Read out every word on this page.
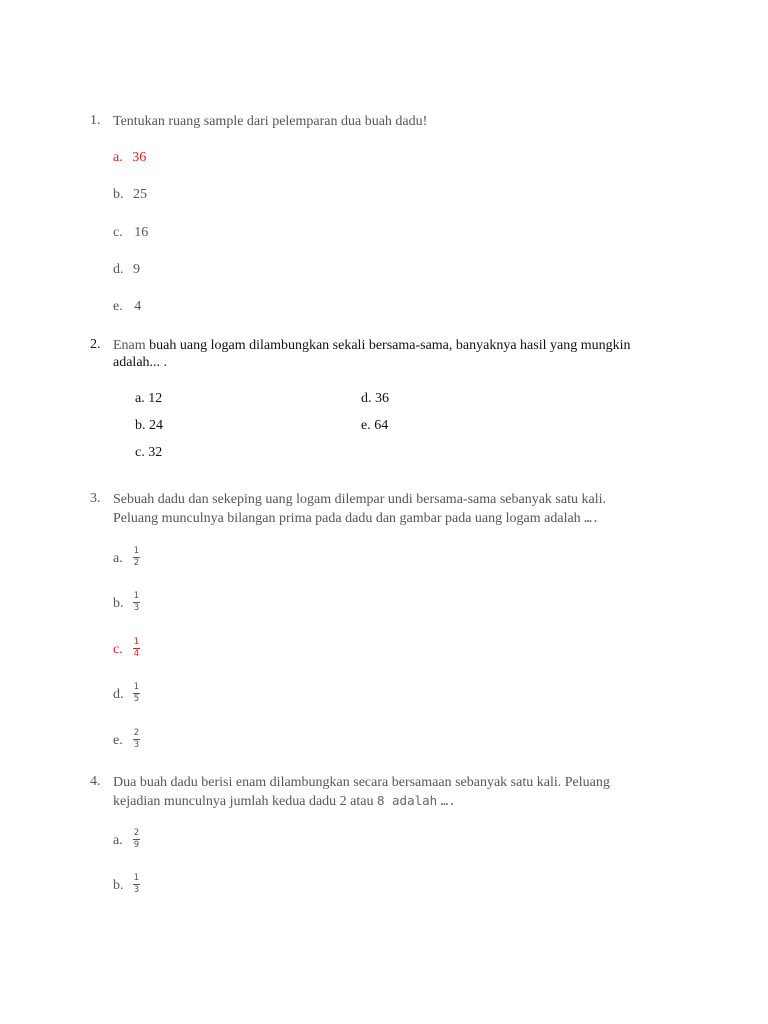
1. Tentukan ruang sample dari pelemparan dua buah dadu!
a. 36
b. 25
c. 16
d. 9
e. 4
2. Enam buah uang logam dilambungkan sekali bersama-sama, banyaknya hasil yang mungkin
adalah... .
a. 12
b. 24
c. 32
d. 36
e. 64
3. Sebuah dadu dan sekeping uang logam dilempar undi bersama-sama sebanyak satu kali.
Peluang munculnya bilangan prima pada dadu dan gambar pada uang logam adalah ….
a. 1
2
b. 1
3
c. 1
4
d. 1
5
e. 2
3
4. Dua buah dadu berisi enam dilambungkan secara bersamaan sebanyak satu kali. Peluang
kejadian munculnya jumlah kedua dadu 2 atau 8 adalah ….
a. 2
9
b. 1
3
